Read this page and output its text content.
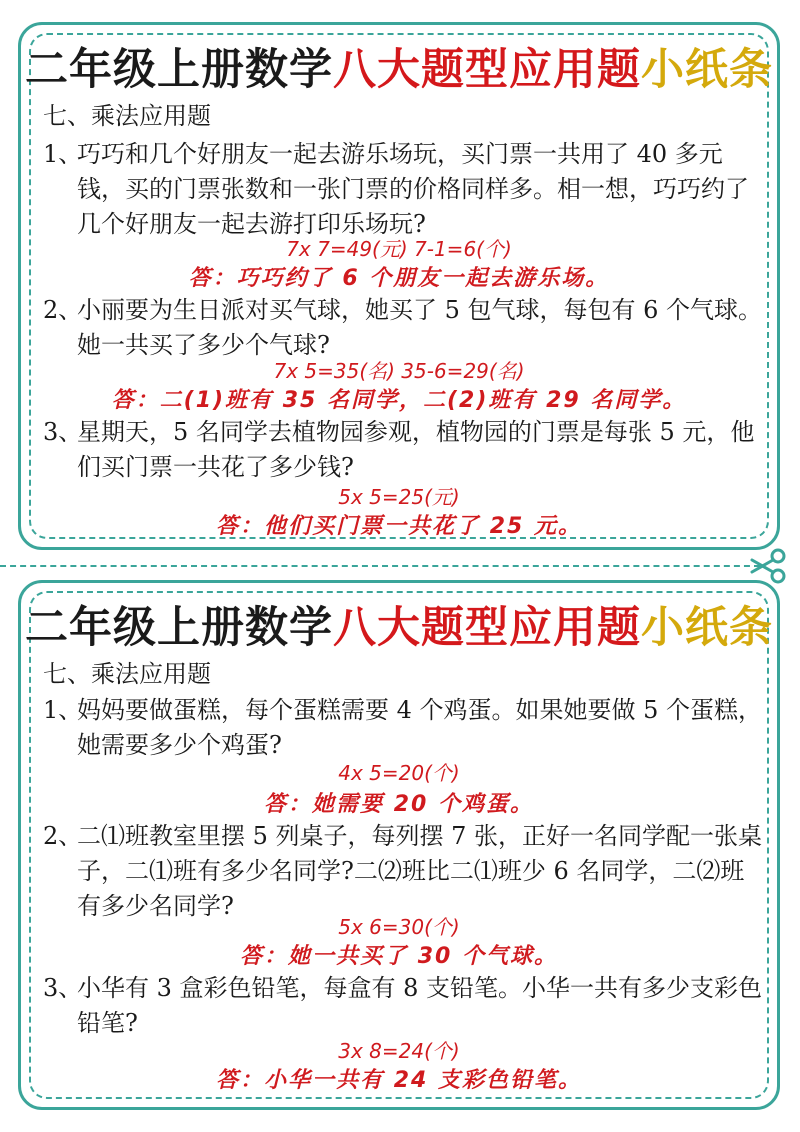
二年级上册数学八大题型应用题小纸条
七、乘法应用题
1、
巧巧和几个好朋友一起去游乐场玩，买门票一共用了 40 多元钱，买的门票张数和一张门票的价格同样多。相一想，巧巧约了几个好朋友一起去游打印乐场玩?
7x 7=49(元) 7-1=6(个)
答：巧巧约了 6 个朋友一起去游乐场。
2、
小丽要为生日派对买气球，她买了 5 包气球，每包有 6 个气球。她一共买了多少个气球?
7x 5=35(名) 35-6=29(名)
答：二(1)班有 35 名同学，二(2)班有 29 名同学。
3、
星期天，5 名同学去植物园参观，植物园的门票是每张 5 元，他们买门票一共花了多少钱?
5x 5=25(元)
答：他们买门票一共花了 25 元。
二年级上册数学八大题型应用题小纸条
七、乘法应用题
1、
妈妈要做蛋糕，每个蛋糕需要 4 个鸡蛋。如果她要做 5 个蛋糕，她需要多少个鸡蛋?
4x 5=20(个)
答：她需要 20 个鸡蛋。
2、
二⑴班教室里摆 5 列桌子，每列摆 7 张，正好一名同学配一张桌子，二⑴班有多少名同学?二⑵班比二⑴班少 6 名同学，二⑵班有多少名同学?
5x 6=30(个)
答：她一共买了 30 个气球。
3、
小华有 3 盒彩色铅笔，每盒有 8 支铅笔。小华一共有多少支彩色铅笔?
3x 8=24(个)
答：小华一共有 24 支彩色铅笔。
